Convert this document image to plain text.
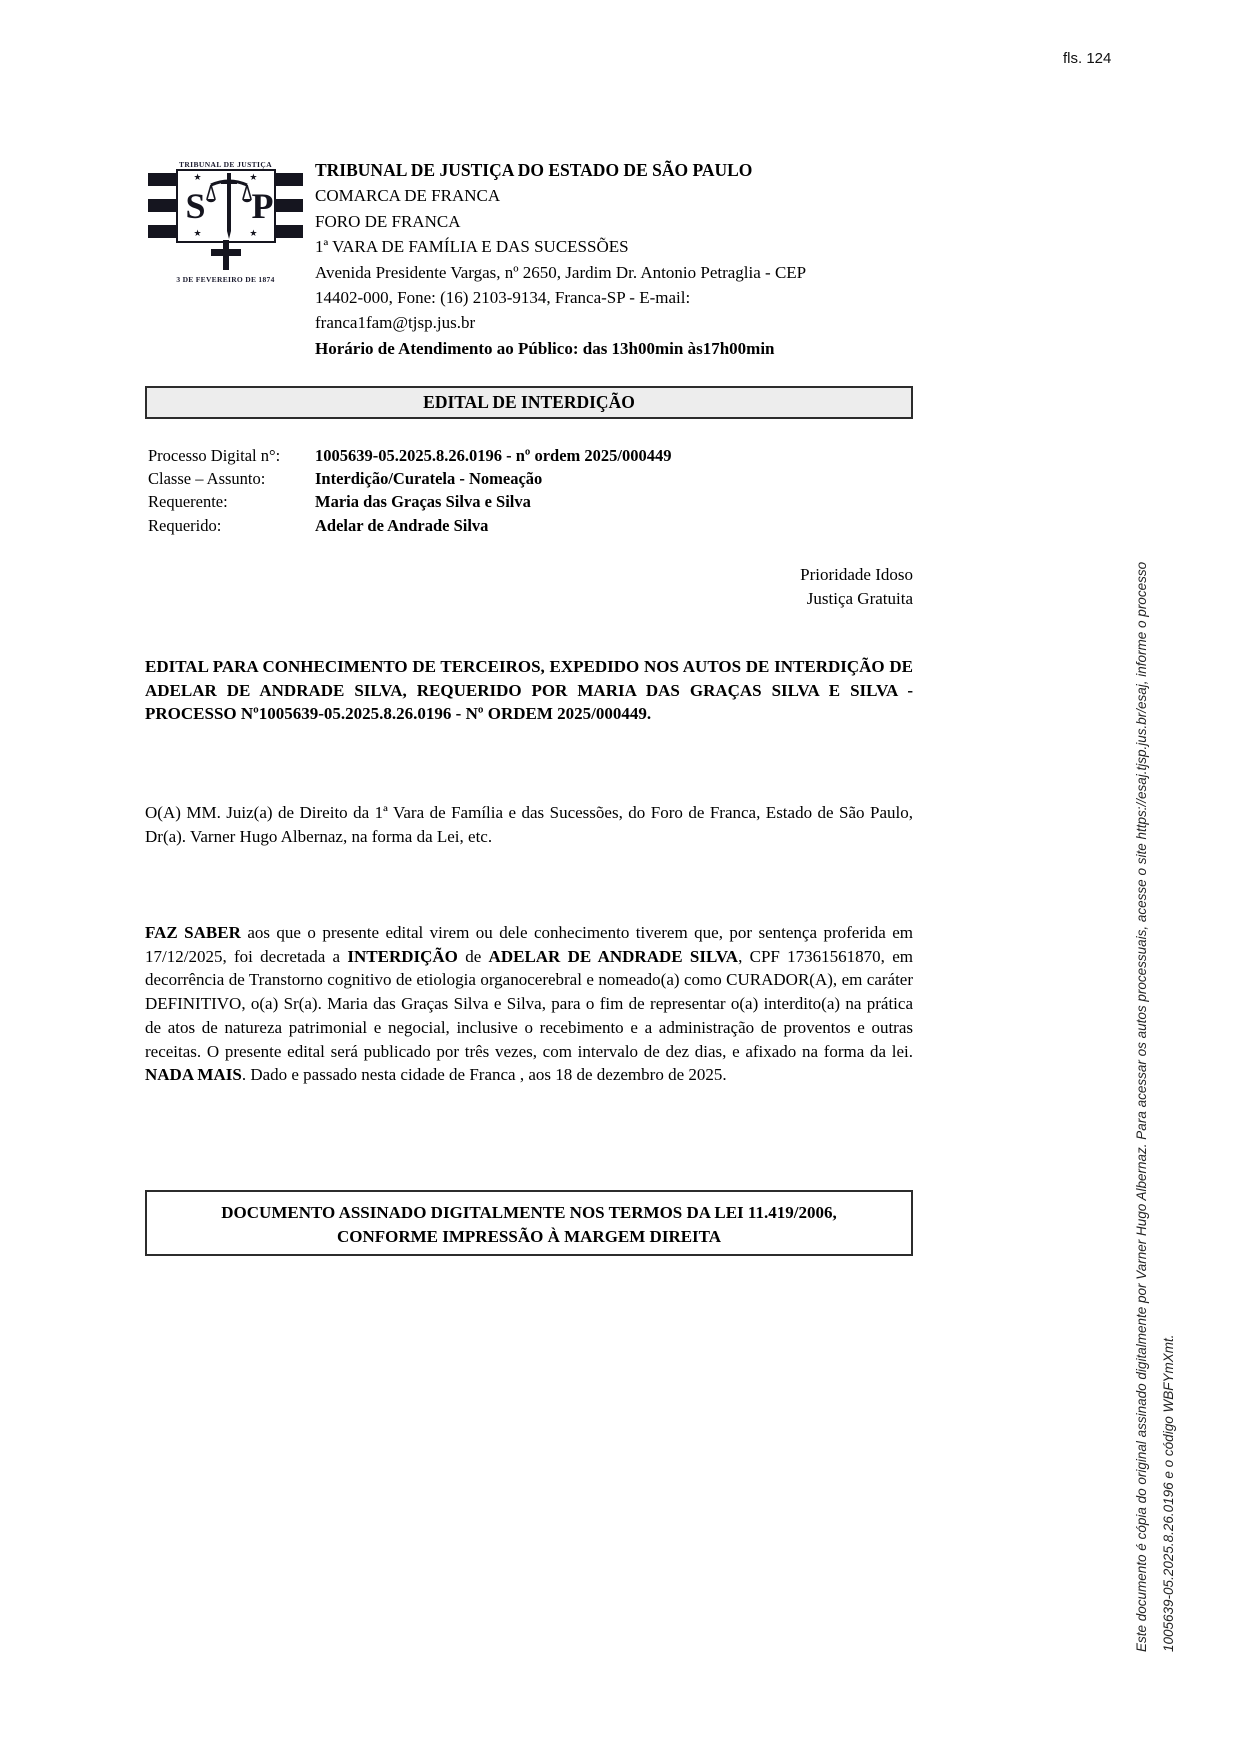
fls. 124
TRIBUNAL DE JUSTIÇA
★
★
★
★
S P
3 DE FEVEREIRO DE 1874
TRIBUNAL DE JUSTIÇA DO ESTADO DE SÃO PAULO
COMARCA DE FRANCA
FORO DE FRANCA
1ª VARA DE FAMÍLIA E DAS SUCESSÕES
Avenida Presidente Vargas, nº 2650, Jardim Dr. Antonio Petraglia - CEP
14402-000, Fone: (16) 2103-9134, Franca-SP - E-mail:
franca1fam@tjsp.jus.br
Horário de Atendimento ao Público: das 13h00min às17h00min
EDITAL DE INTERDIÇÃO
Processo Digital n°:	1005639-05.2025.8.26.0196 - nº ordem 2025/000449
Classe – Assunto:	Interdição/Curatela - Nomeação
Requerente:	Maria das Graças Silva e Silva
Requerido:	Adelar de Andrade Silva
Prioridade Idoso
Justiça Gratuita

EDITAL PARA CONHECIMENTO DE TERCEIROS, EXPEDIDO NOS AUTOS DE INTERDIÇÃO DE ADELAR DE ANDRADE SILVA, REQUERIDO POR MARIA DAS GRAÇAS SILVA E SILVA - PROCESSO Nº1005639-05.2025.8.26.0196 - Nº ORDEM 2025/000449.

O(A) MM. Juiz(a) de Direito da 1ª Vara de Família e das Sucessões, do Foro de Franca, Estado de São Paulo, Dr(a). Varner Hugo Albernaz, na forma da Lei, etc.

FAZ SABER aos que o presente edital virem ou dele conhecimento tiverem que, por sentença proferida em 17/12/2025, foi decretada a INTERDIÇÃO de ADELAR DE ANDRADE SILVA, CPF 17361561870, em decorrência de Transtorno cognitivo de etiologia organocerebral e nomeado(a) como CURADOR(A), em caráter DEFINITIVO, o(a) Sr(a). Maria das Graças Silva e Silva, para o fim de representar o(a) interdito(a) na prática de atos de natureza patrimonial e negocial, inclusive o recebimento e a administração de proventos e outras receitas. O presente edital será publicado por três vezes, com intervalo de dez dias, e afixado na forma da lei. NADA MAIS. Dado e passado nesta cidade de Franca , aos 18 de dezembro de 2025.

DOCUMENTO ASSINADO DIGITALMENTE NOS TERMOS DA LEI 11.419/2006,
CONFORME IMPRESSÃO À MARGEM DIREITA	Este documento é cópia do original assinado digitalmente por Varner Hugo Albernaz. Para acessar os autos processuais, acesse o site https://esaj.tjsp.jus.br/esaj, informe o processo 1005639-05.2025.8.26.0196 e o código WBFYmXmt.
